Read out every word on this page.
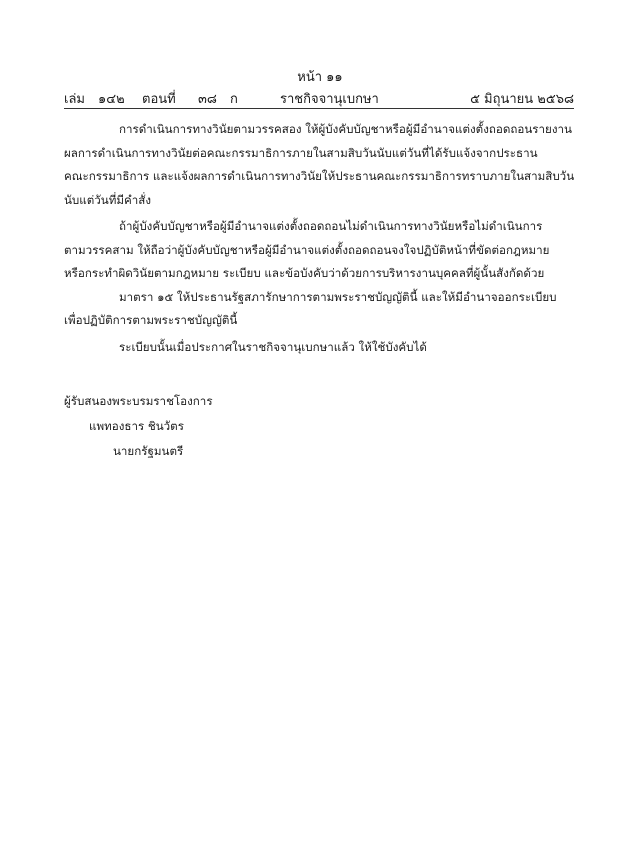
หน้า ๑๑
เล่ม ๑๔๒ ตอนที่ ๓๘ ก	ราชกิจจานุเบกษา	๕ มิถุนายน ๒๕๖๘
การดำเนินการทางวินัยตามวรรคสอง ให้ผู้บังคับบัญชาหรือผู้มีอำนาจแต่งตั้งถอดถอนรายงาน
ผลการดำเนินการทางวินัยต่อคณะกรรมาธิการภายในสามสิบวันนับแต่วันที่ได้รับแจ้งจากประธาน
คณะกรรมาธิการ และแจ้งผลการดำเนินการทางวินัยให้ประธานคณะกรรมาธิการทราบภายในสามสิบวัน
นับแต่วันที่มีคำสั่ง
ถ้าผู้บังคับบัญชาหรือผู้มีอำนาจแต่งตั้งถอดถอนไม่ดำเนินการทางวินัยหรือไม่ดำเนินการ
ตามวรรคสาม ให้ถือว่าผู้บังคับบัญชาหรือผู้มีอำนาจแต่งตั้งถอดถอนจงใจปฏิบัติหน้าที่ขัดต่อกฎหมาย
หรือกระทำผิดวินัยตามกฎหมาย ระเบียบ และข้อบังคับว่าด้วยการบริหารงานบุคคลที่ผู้นั้นสังกัดด้วย
มาตรา ๑๕ ให้ประธานรัฐสภารักษาการตามพระราชบัญญัตินี้ และให้มีอำนาจออกระเบียบ
เพื่อปฏิบัติการตามพระราชบัญญัตินี้
ระเบียบนั้นเมื่อประกาศในราชกิจจานุเบกษาแล้ว ให้ใช้บังคับได้
ผู้รับสนองพระบรมราชโองการ
แพทองธาร ชินวัตร
นายกรัฐมนตรี
